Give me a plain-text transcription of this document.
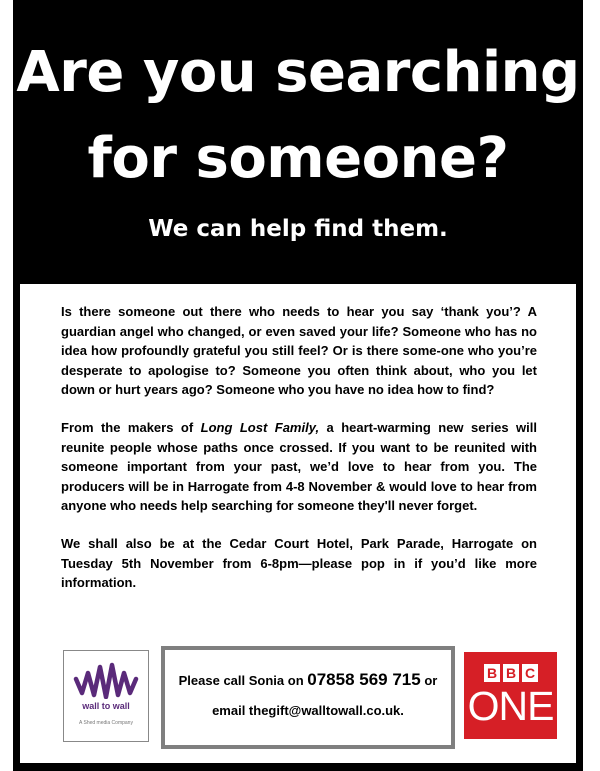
Are you searching
for someone?
We can help find them.

Is there someone out there who needs to hear you say ‘thank you’? A guardian angel who changed, or even saved your life? Someone who has no idea how profoundly grateful you still feel? Or is there some-one who you’re desperate to apologise to? Someone you often think about, who you let down or hurt years ago? Someone who you have no idea how to find?

From the makers of Long Lost Family, a heart-warming new series will reunite people whose paths once crossed. If you want to be reunited with someone important from your past, we’d love to hear from you. The producers will be in Harrogate from 4-8 November & would love to hear from anyone who needs help searching for someone they'll never forget.

We shall also be at the Cedar Court Hotel, Park Parade, Harrogate on Tuesday 5th November from 6-8pm—please pop in if you’d like more information.

wall to wall
A Shed media Company
Please call Sonia on 07858 569 715 or
email thegift@walltowall.co.uk.
B B C
ONE
